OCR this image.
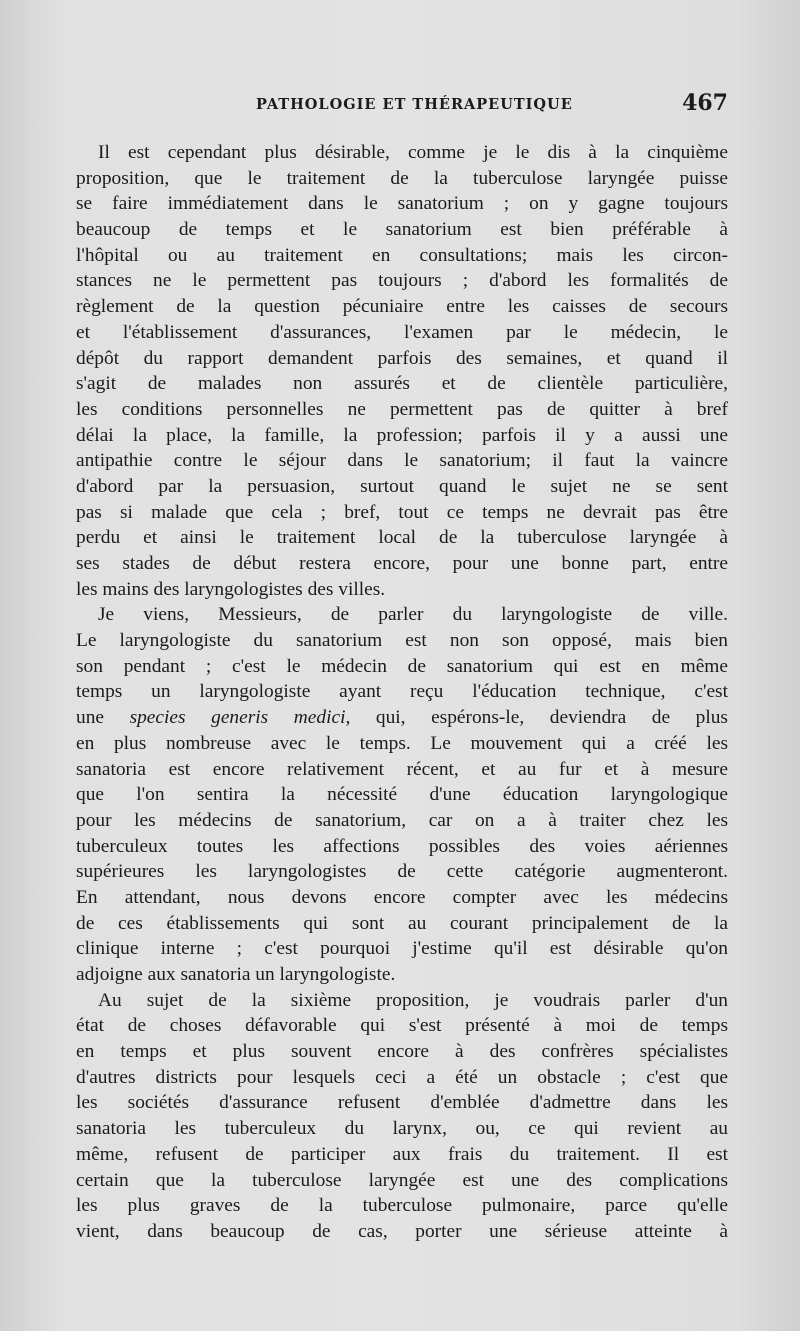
PATHOLOGIE ET THÉRAPEUTIQUE	467
Il est cependant plus désirable, comme je le dis à la cinquième
proposition, que le traitement de la tuberculose laryngée puisse
se faire immédiatement dans le sanatorium ; on y gagne toujours
beaucoup de temps et le sanatorium est bien préférable à
l'hôpital ou au traitement en consultations; mais les circon-
stances ne le permettent pas toujours ; d'abord les formalités de
règlement de la question pécuniaire entre les caisses de secours
et l'établissement d'assurances, l'examen par le médecin, le
dépôt du rapport demandent parfois des semaines, et quand il
s'agit de malades non assurés et de clientèle particulière,
les conditions personnelles ne permettent pas de quitter à bref
délai la place, la famille, la profession; parfois il y a aussi une
antipathie contre le séjour dans le sanatorium; il faut la vaincre
d'abord par la persuasion, surtout quand le sujet ne se sent
pas si malade que cela ; bref, tout ce temps ne devrait pas être
perdu et ainsi le traitement local de la tuberculose laryngée à
ses stades de début restera encore, pour une bonne part, entre
les mains des laryngologistes des villes.
Je viens, Messieurs, de parler du laryngologiste de ville.
Le laryngologiste du sanatorium est non son opposé, mais bien
son pendant ; c'est le médecin de sanatorium qui est en même
temps un laryngologiste ayant reçu l'éducation technique, c'est
une species generis medici, qui, espérons-le, deviendra de plus
en plus nombreuse avec le temps. Le mouvement qui a créé les
sanatoria est encore relativement récent, et au fur et à mesure
que l'on sentira la nécessité d'une éducation laryngologique
pour les médecins de sanatorium, car on a à traiter chez les
tuberculeux toutes les affections possibles des voies aériennes
supérieures les laryngologistes de cette catégorie augmenteront.
En attendant, nous devons encore compter avec les médecins
de ces établissements qui sont au courant principalement de la
clinique interne ; c'est pourquoi j'estime qu'il est désirable qu'on
adjoigne aux sanatoria un laryngologiste.
Au sujet de la sixième proposition, je voudrais parler d'un
état de choses défavorable qui s'est présenté à moi de temps
en temps et plus souvent encore à des confrères spécialistes
d'autres districts pour lesquels ceci a été un obstacle ; c'est que
les sociétés d'assurance refusent d'emblée d'admettre dans les
sanatoria les tuberculeux du larynx, ou, ce qui revient au
même, refusent de participer aux frais du traitement. Il est
certain que la tuberculose laryngée est une des complications
les plus graves de la tuberculose pulmonaire, parce qu'elle
vient, dans beaucoup de cas, porter une sérieuse atteinte à
